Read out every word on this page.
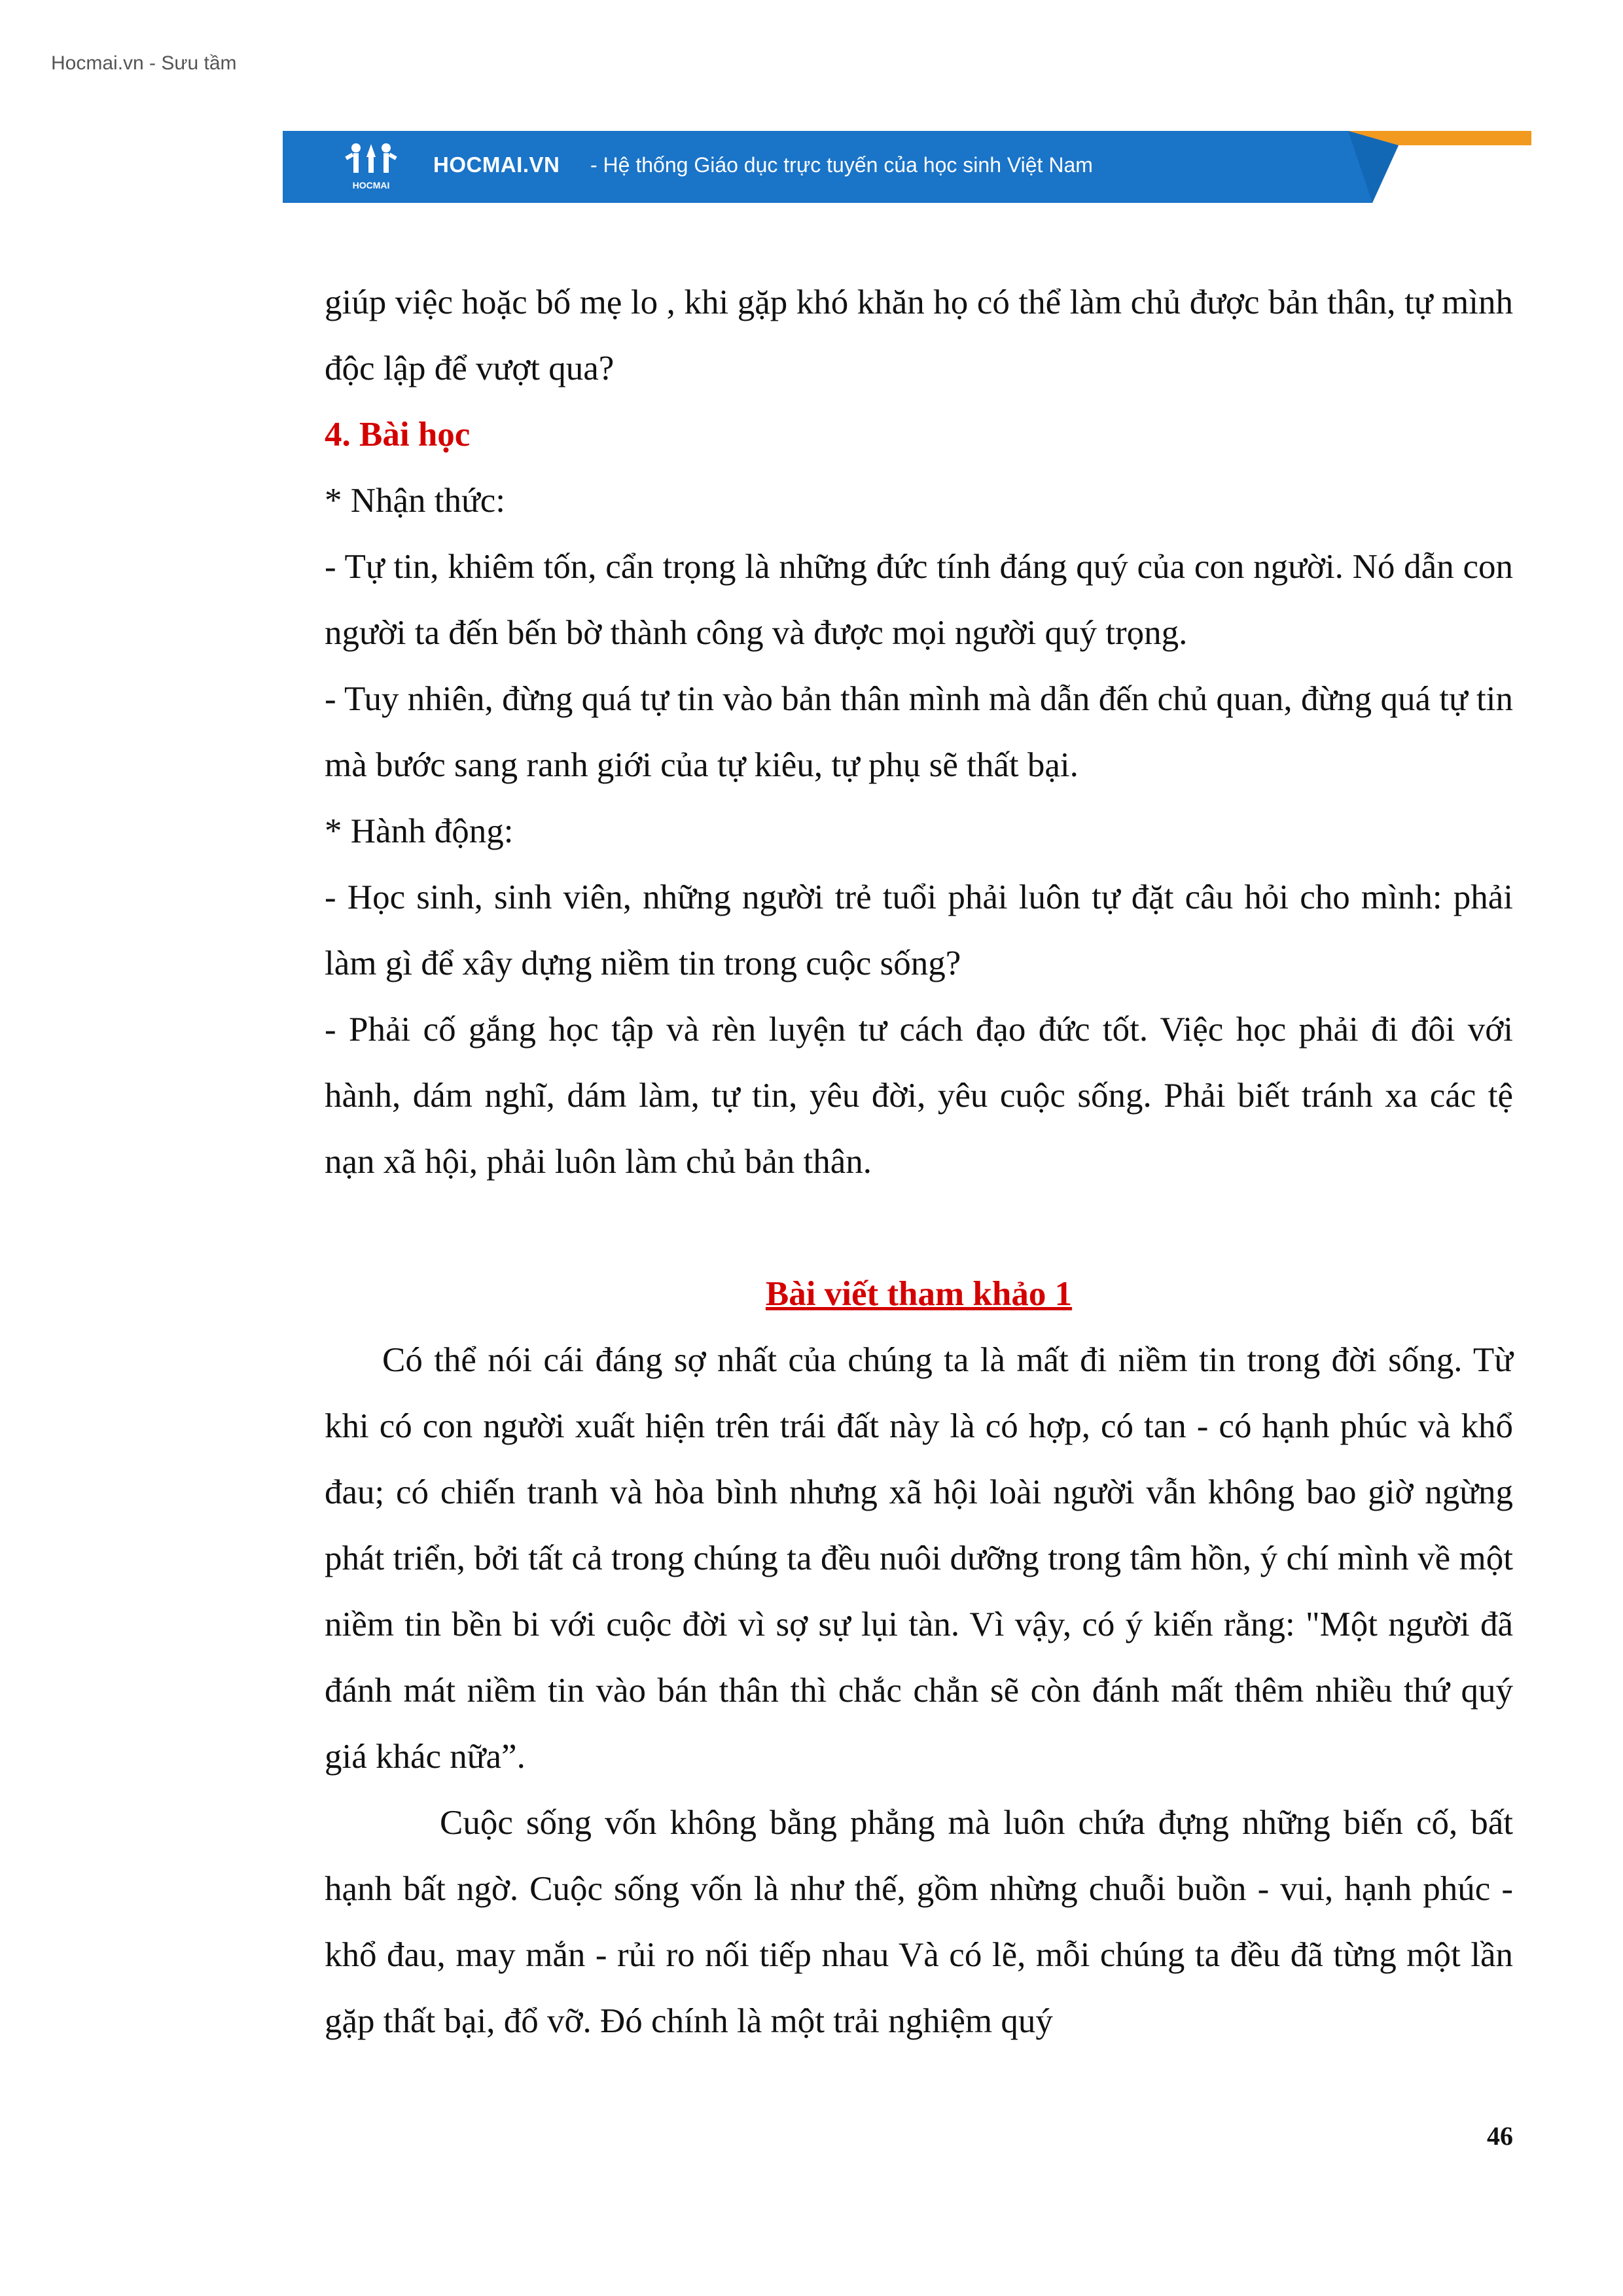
Hocmai.vn - Sưu tầm
HOCMAI
HOCMAI.VN - Hệ thống Giáo dục trực tuyến của học sinh Việt Nam

giúp việc hoặc bố mẹ lo , khi gặp khó khăn họ có thể làm chủ được bản thân, tự mình độc lập để vượt qua?

4. Bài học

* Nhận thức:

- Tự tin, khiêm tốn, cẩn trọng là những đức tính đáng quý của con người. Nó dẫn con người ta đến bến bờ thành công và được mọi người quý trọng.

- Tuy nhiên, đừng quá tự tin vào bản thân mình mà dẫn đến chủ quan, đừng quá tự tin mà bước sang ranh giới của tự kiêu, tự phụ sẽ thất bại.

* Hành động:

- Học sinh, sinh viên, những người trẻ tuổi phải luôn tự đặt câu hỏi cho mình: phải làm gì để xây dựng niềm tin trong cuộc sống?

- Phải cố gắng học tập và rèn luyện tư cách đạo đức tốt. Việc học phải đi đôi với hành, dám nghĩ, dám làm, tự tin, yêu đời, yêu cuộc sống. Phải biết tránh xa các tệ nạn xã hội, phải luôn làm chủ bản thân.

Bài viết tham khảo 1

Có thể nói cái đáng sợ nhất của chúng ta là mất đi niềm tin trong đời sống. Từ khi có con người xuất hiện trên trái đất này là có hợp, có tan - có hạnh phúc và khổ đau; có chiến tranh và hòa bình nhưng xã hội loài người vẫn không bao giờ ngừng phát triển, bởi tất cả trong chúng ta đều nuôi dưỡng trong tâm hồn, ý chí mình về một niềm tin bền bi với cuộc đời vì sợ sự lụi tàn. Vì vậy, có ý kiến rằng: "Một người đã đánh mát niềm tin vào bán thân thì chắc chẳn sẽ còn đánh mất thêm nhiều thứ quý giá khác nữa”.

Cuộc sống vốn không bằng phẳng mà luôn chứa đựng những biến cố, bất hạnh bất ngờ. Cuộc sống vốn là như thế, gồm nhừng chuỗi buồn - vui, hạnh phúc - khổ đau, may mắn - rủi ro nối tiếp nhau Và có lẽ, mỗi chúng ta đều đã từng một lần gặp thất bại, đổ vỡ. Đó chính là một trải nghiệm quý

46
